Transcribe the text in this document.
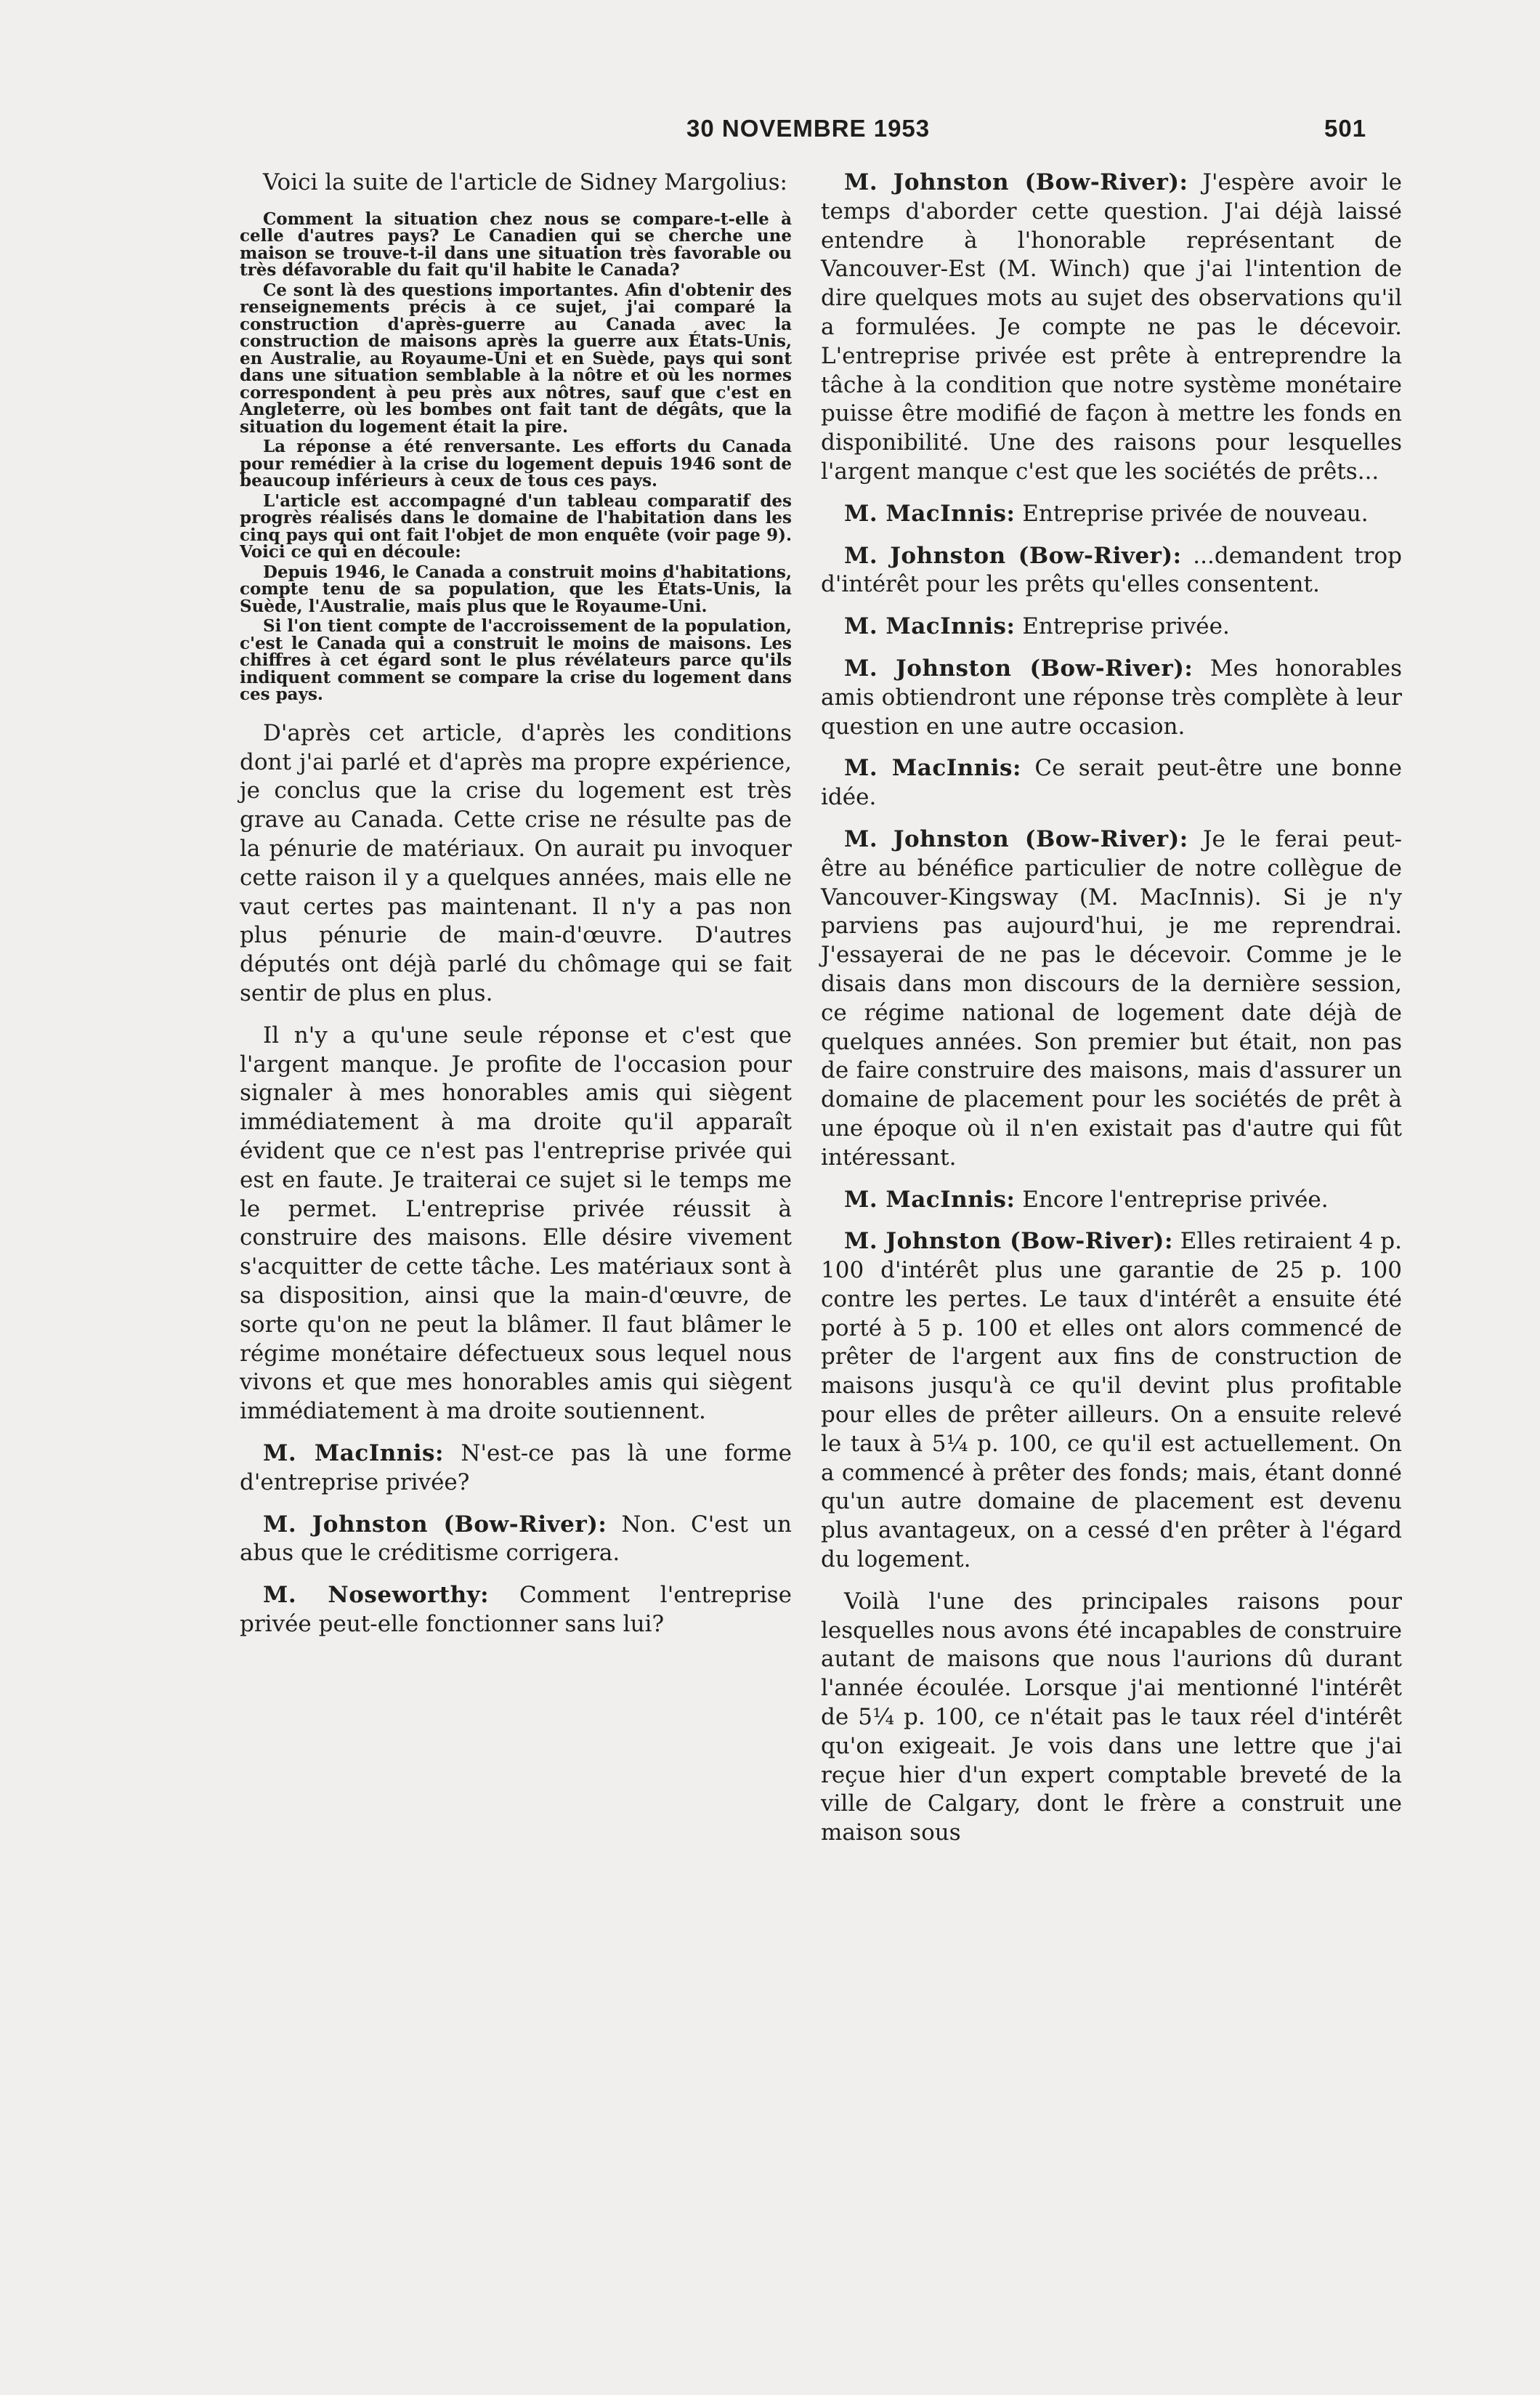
30 NOVEMBRE 1953	501

Voici la suite de l'article de Sidney Margolius:

Comment la situation chez nous se compare-t-elle à celle d'autres pays? Le Canadien qui se cherche une maison se trouve-t-il dans une situation très favorable ou très défavorable du fait qu'il habite le Canada?

Ce sont là des questions importantes. Afin d'obtenir des renseignements précis à ce sujet, j'ai comparé la construction d'après-guerre au Canada avec la construction de maisons après la guerre aux États-Unis, en Australie, au Royaume-Uni et en Suède, pays qui sont dans une situation semblable à la nôtre et où les normes correspondent à peu près aux nôtres, sauf que c'est en Angleterre, où les bombes ont fait tant de dégâts, que la situation du logement était la pire.

La réponse a été renversante. Les efforts du Canada pour remédier à la crise du logement depuis 1946 sont de beaucoup inférieurs à ceux de tous ces pays.

L'article est accompagné d'un tableau comparatif des progrès réalisés dans le domaine de l'habitation dans les cinq pays qui ont fait l'objet de mon enquête (voir page 9). Voici ce qui en découle:

Depuis 1946, le Canada a construit moins d'habitations, compte tenu de sa population, que les États-Unis, la Suède, l'Australie, mais plus que le Royaume-Uni.

Si l'on tient compte de l'accroissement de la population, c'est le Canada qui a construit le moins de maisons. Les chiffres à cet égard sont le plus révélateurs parce qu'ils indiquent comment se compare la crise du logement dans ces pays.

D'après cet article, d'après les conditions dont j'ai parlé et d'après ma propre expérience, je conclus que la crise du logement est très grave au Canada. Cette crise ne résulte pas de la pénurie de matériaux. On aurait pu invoquer cette raison il y a quelques années, mais elle ne vaut certes pas maintenant. Il n'y a pas non plus pénurie de main-d'œuvre. D'autres députés ont déjà parlé du chômage qui se fait sentir de plus en plus.

Il n'y a qu'une seule réponse et c'est que l'argent manque. Je profite de l'occasion pour signaler à mes honorables amis qui siègent immédiatement à ma droite qu'il apparaît évident que ce n'est pas l'entreprise privée qui est en faute. Je traiterai ce sujet si le temps me le permet. L'entreprise privée réussit à construire des maisons. Elle désire vivement s'acquitter de cette tâche. Les matériaux sont à sa disposition, ainsi que la main-d'œuvre, de sorte qu'on ne peut la blâmer. Il faut blâmer le régime monétaire défectueux sous lequel nous vivons et que mes honorables amis qui siègent immédiatement à ma droite soutiennent.

M. MacInnis: N'est-ce pas là une forme d'entreprise privée?

M. Johnston (Bow-River): Non. C'est un abus que le créditisme corrigera.

M. Noseworthy: Comment l'entreprise privée peut-elle fonctionner sans lui?

M. Johnston (Bow-River): J'espère avoir le temps d'aborder cette question. J'ai déjà laissé entendre à l'honorable représentant de Vancouver-Est (M. Winch) que j'ai l'intention de dire quelques mots au sujet des observations qu'il a formulées. Je compte ne pas le décevoir. L'entreprise privée est prête à entreprendre la tâche à la condition que notre système monétaire puisse être modifié de façon à mettre les fonds en disponibilité. Une des raisons pour lesquelles l'argent manque c'est que les sociétés de prêts...

M. MacInnis: Entreprise privée de nouveau.

M. Johnston (Bow-River): ...demandent trop d'intérêt pour les prêts qu'elles consentent.

M. MacInnis: Entreprise privée.

M. Johnston (Bow-River): Mes honorables amis obtiendront une réponse très complète à leur question en une autre occasion.

M. MacInnis: Ce serait peut-être une bonne idée.

M. Johnston (Bow-River): Je le ferai peut-être au bénéfice particulier de notre collègue de Vancouver-Kingsway (M. MacInnis). Si je n'y parviens pas aujourd'hui, je me reprendrai. J'essayerai de ne pas le décevoir. Comme je le disais dans mon discours de la dernière session, ce régime national de logement date déjà de quelques années. Son premier but était, non pas de faire construire des maisons, mais d'assurer un domaine de placement pour les sociétés de prêt à une époque où il n'en existait pas d'autre qui fût intéressant.

M. MacInnis: Encore l'entreprise privée.

M. Johnston (Bow-River): Elles retiraient 4 p. 100 d'intérêt plus une garantie de 25 p. 100 contre les pertes. Le taux d'intérêt a ensuite été porté à 5 p. 100 et elles ont alors commencé de prêter de l'argent aux fins de construction de maisons jusqu'à ce qu'il devint plus profitable pour elles de prêter ailleurs. On a ensuite relevé le taux à 5¼ p. 100, ce qu'il est actuellement. On a commencé à prêter des fonds; mais, étant donné qu'un autre domaine de placement est devenu plus avantageux, on a cessé d'en prêter à l'égard du logement.

Voilà l'une des principales raisons pour lesquelles nous avons été incapables de construire autant de maisons que nous l'aurions dû durant l'année écoulée. Lorsque j'ai mentionné l'intérêt de 5¼ p. 100, ce n'était pas le taux réel d'intérêt qu'on exigeait. Je vois dans une lettre que j'ai reçue hier d'un expert comptable breveté de la ville de Calgary, dont le frère a construit une maison sous
